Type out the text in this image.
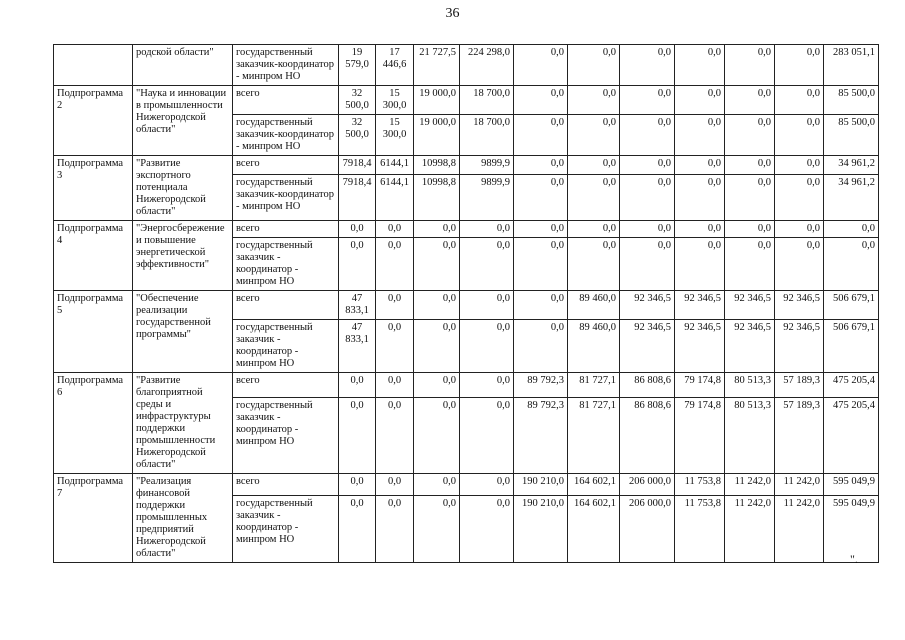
36
	родской области"	государственный заказчик-координатор - минпром НО	19 579,0	17 446,6	21 727,5	224 298,0	0,0	0,0	0,0	0,0	0,0	0,0	283 051,1
Подпрограмма 2	"Наука и инновации в промышленности Нижегородской области"	всего	32 500,0	15 300,0	19 000,0	18 700,0	0,0	0,0	0,0	0,0	0,0	0,0	85 500,0
		государственный заказчик-координатор - минпром НО	32 500,0	15 300,0	19 000,0	18 700,0	0,0	0,0	0,0	0,0	0,0	0,0	85 500,0
Подпрограмма 3	"Развитие экспортного потенциала Нижегородской области"	всего	7918,4	6144,1	10998,8	9899,9	0,0	0,0	0,0	0,0	0,0	0,0	34 961,2
		государственный заказчик-координатор - минпром НО	7918,4	6144,1	10998,8	9899,9	0,0	0,0	0,0	0,0	0,0	0,0	34 961,2
Подпрограмма 4	"Энергосбережение и повышение энергетической эффективности"	всего	0,0	0,0	0,0	0,0	0,0	0,0	0,0	0,0	0,0	0,0	0,0
		государственный заказчик - координатор - минпром НО	0,0	0,0	0,0	0,0	0,0	0,0	0,0	0,0	0,0	0,0	0,0
Подпрограмма 5	"Обеспечение реализации государственной программы"	всего	47 833,1	0,0	0,0	0,0	0,0	89 460,0	92 346,5	92 346,5	92 346,5	92 346,5	506 679,1
		государственный заказчик - координатор - минпром НО	47 833,1	0,0	0,0	0,0	0,0	89 460,0	92 346,5	92 346,5	92 346,5	92 346,5	506 679,1
Подпрограмма 6	"Развитие благоприятной среды и инфраструктуры поддержки промышленности Нижегородской области"	всего	0,0	0,0	0,0	0,0	89 792,3	81 727,1	86 808,6	79 174,8	80 513,3	57 189,3	475 205,4
		государственный заказчик - координатор - минпром НО	0,0	0,0	0,0	0,0	89 792,3	81 727,1	86 808,6	79 174,8	80 513,3	57 189,3	475 205,4
Подпрограмма 7	"Реализация финансовой поддержки промышленных предприятий Нижегородской области"	всего	0,0	0,0	0,0	0,0	190 210,0	164 602,1	206 000,0	11 753,8	11 242,0	11 242,0	595 049,9
		государственный заказчик - координатор - минпром НО	0,0	0,0	0,0	0,0	190 210,0	164 602,1	206 000,0	11 753,8	11 242,0	11 242,0	595 049,9
".
